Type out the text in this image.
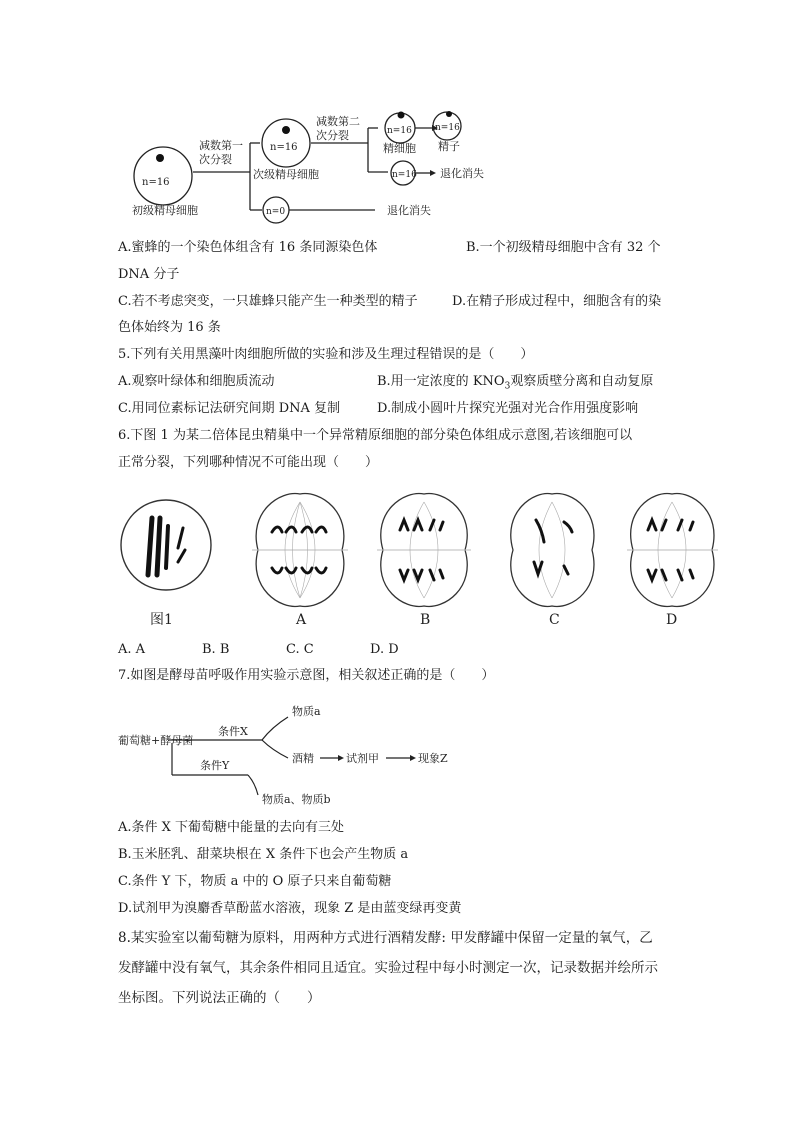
n=16
初级精母细胞
减数第一
次分裂
n=16
次级精母细胞
n=0	退化消失
减数第二
次分裂	n=16
精细胞
n=16
精子
n=16 退化消失
A.蜜蜂的一个染色体组含有 16 条同源染色体	B.一个初级精母细胞中含有 32 个
DNA 分子
C.若不考虑突变，一只雄蜂只能产生一种类型的精子	D.在精子形成过程中，细胞含有的染
色体始终为 16 条
5.下列有关用黑藻叶肉细胞所做的实验和涉及生理过程错误的是（　　）
A.观察叶绿体和细胞质流动	B.用一定浓度的 $KNO_3$观察质壁分离和自动复原
C.用同位素标记法研究间期 DNA 复制	D.制成小圆叶片探究光强对光合作用强度影响
6.下图 1 为某二倍体昆虫精巢中一个异常精原细胞的部分染色体组成示意图,若该细胞可以
正常分裂，下列哪种情况不可能出现（　　）
图1	A	B	C	D
A. A	B. B	C. C	D. D
7.如图是酵母苗呼吸作用实验示意图，相关叙述正确的是（　　）
葡萄糖+酵母菌
条件X
物质a
酒精	试剂甲	现象Z
条件Y
物质a、物质b
A.条件 X 下葡萄糖中能量的去向有三处
B.玉米胚乳、甜菜块根在 X 条件下也会产生物质 a
C.条件 Y 下，物质 a 中的 O 原子只来自葡萄糖
D.试剂甲为溴麝香草酚蓝水溶液，现象 Z 是由蓝变绿再变黄
8.某实验室以葡萄糖为原料，用两种方式进行酒精发酵: 甲发酵罐中保留一定量的氧气，乙
发酵罐中没有氧气，其余条件相同且适宜。实验过程中每小时测定一次，记录数据并绘所示
坐标图。下列说法正确的（　　）
